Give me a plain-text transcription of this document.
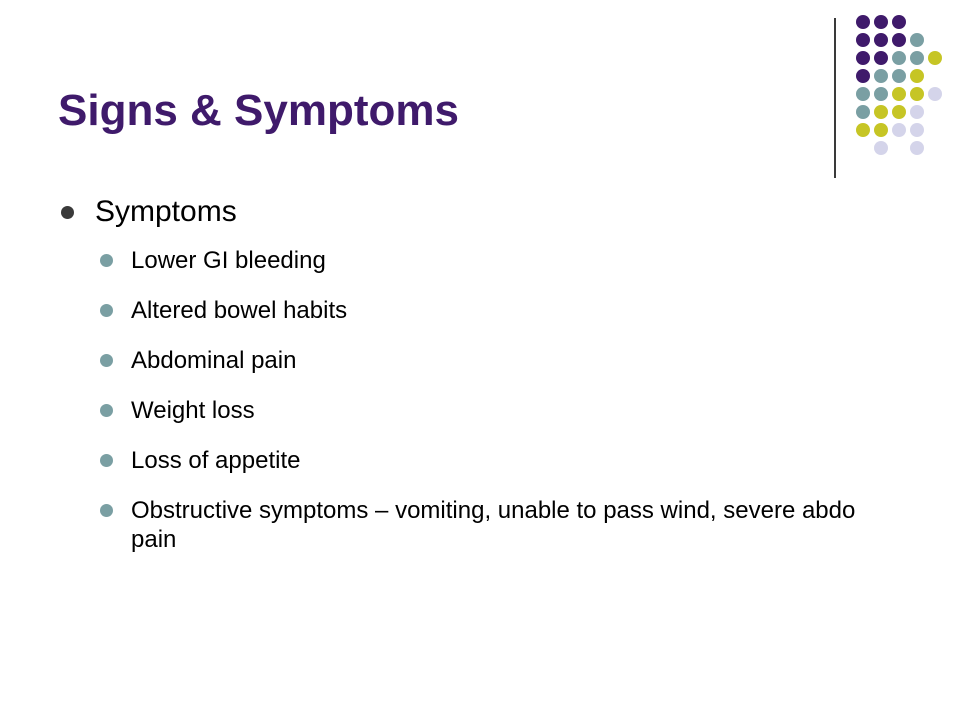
Signs & Symptoms
Symptoms
Lower GI bleeding
Altered bowel habits
Abdominal pain
Weight loss
Loss of appetite
Obstructive symptoms – vomiting, unable to pass wind, severe abdo pain
